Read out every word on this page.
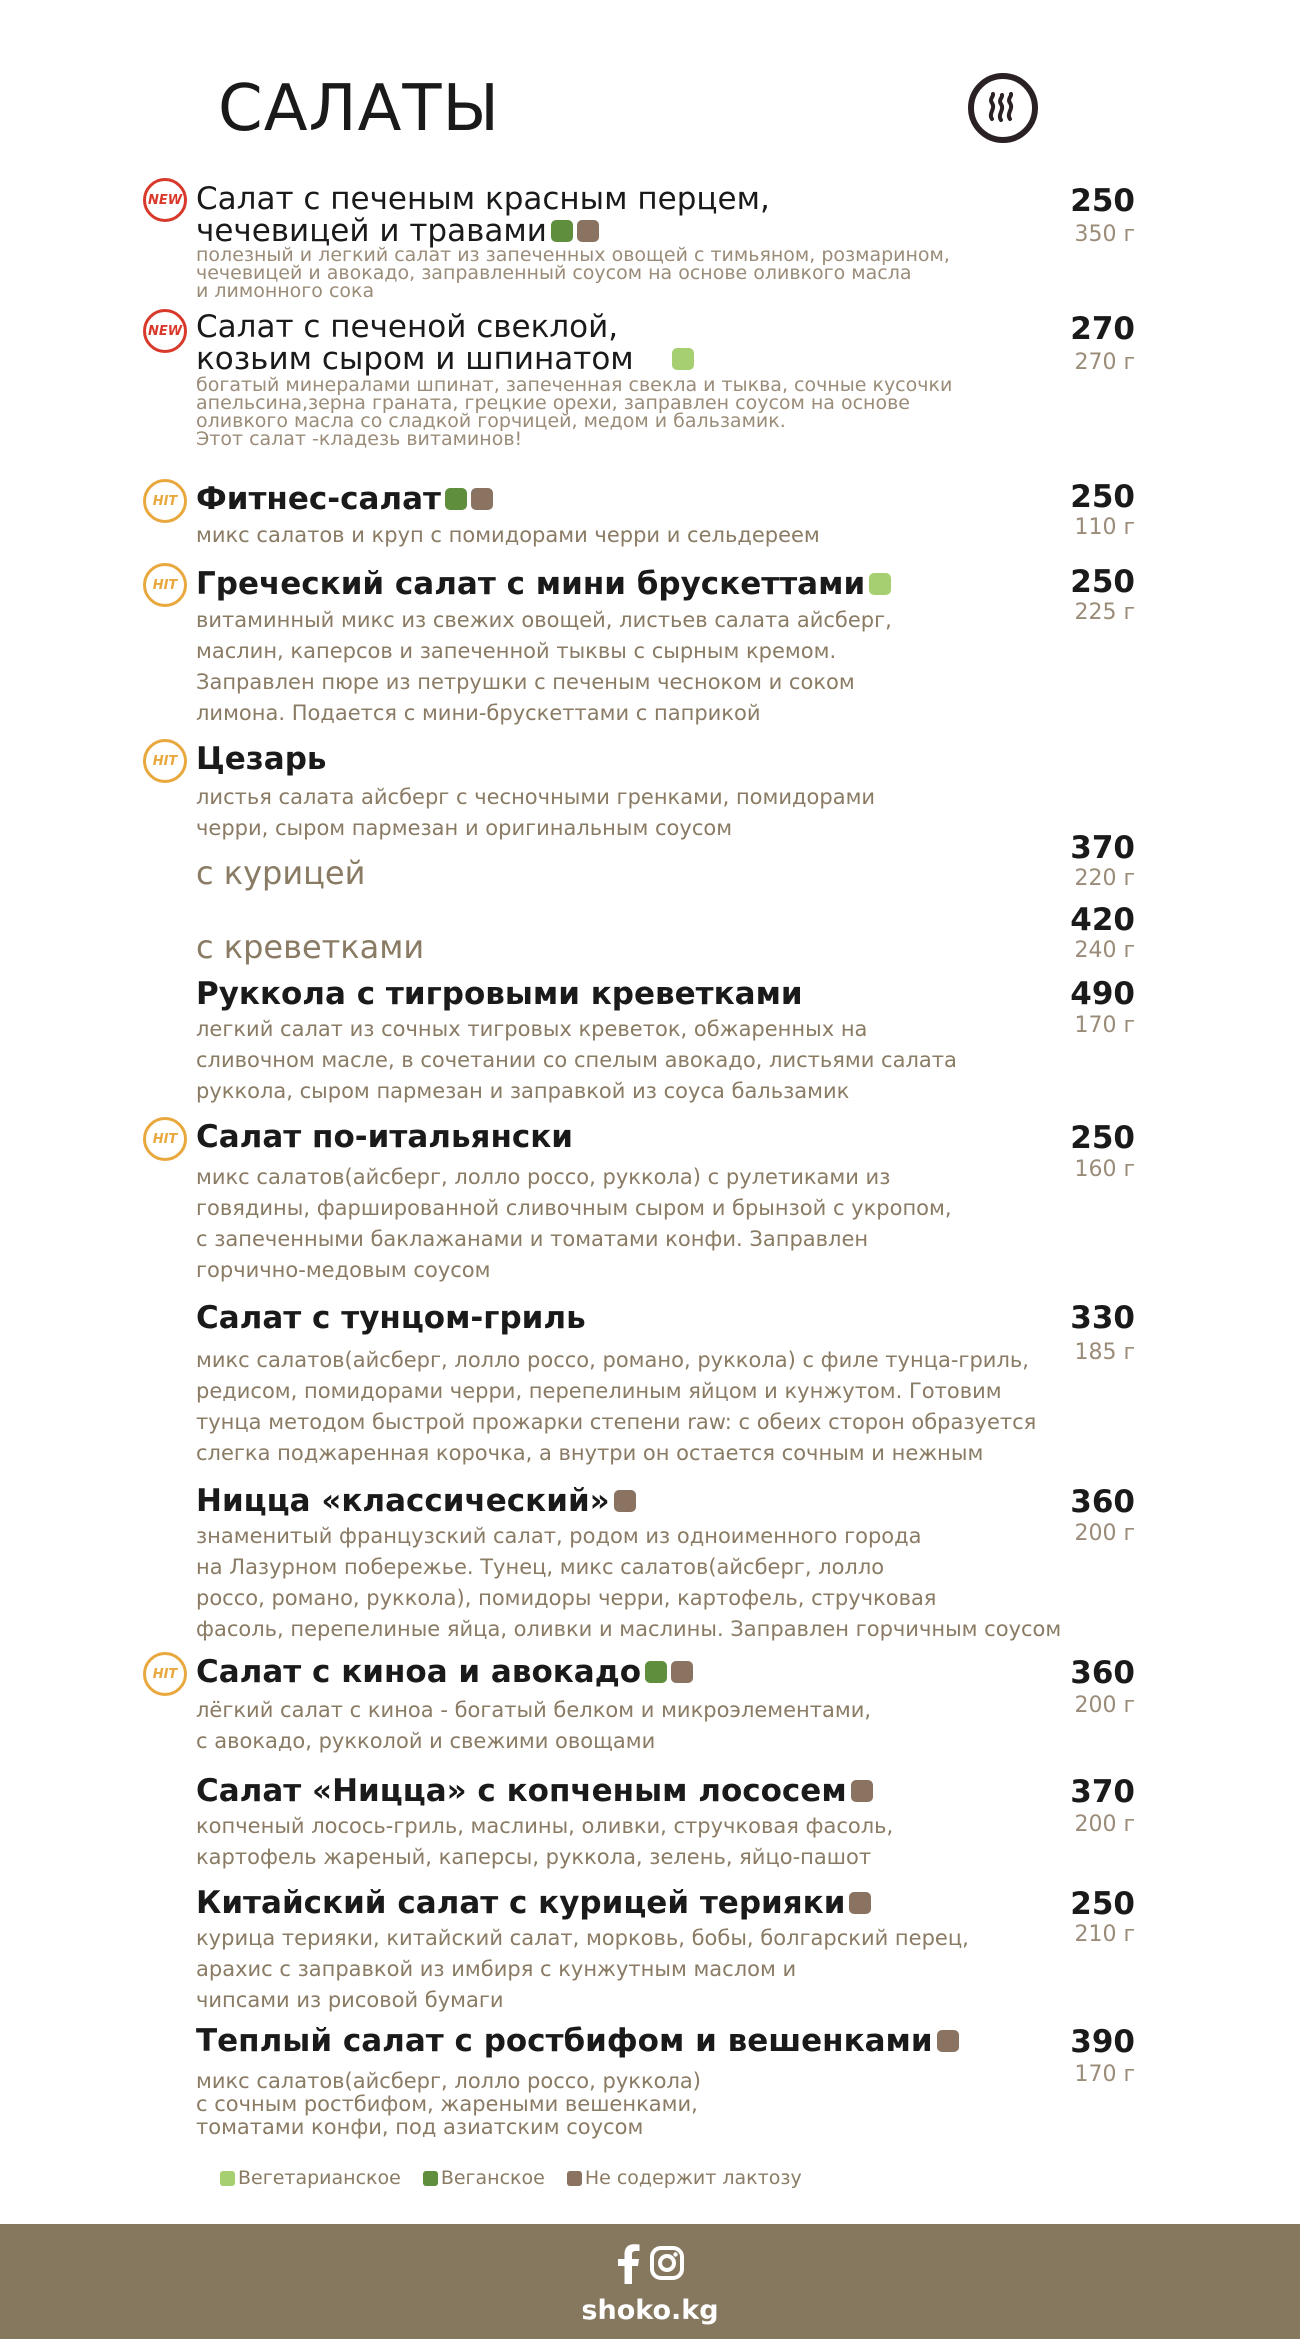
САЛАТЫ
NEW Салат с печеным красным перцем,
чечевицей и травами
полезный и легкий салат из запеченных овощей с тимьяном, розмарином,
чечевицей и авокадо, заправленный соусом на основе оливкого масла
и лимонного сока
250
350 г
NEW Салат с печеной свеклой,
козьим сыром и шпинатом
богатый минералами шпинат, запеченная свекла и тыква, сочные кусочки
апельсина,зерна граната, грецкие орехи, заправлен соусом на основе
оливкого масла со сладкой горчицей, медом и бальзамик.
Этот салат -кладезь витаминов!
270
270 г
HIT Фитнес-салат
микс салатов и круп с помидорами черри и сельдереем
250
110 г
HIT Греческий салат с мини брускеттами
витаминный микс из свежих овощей, листьев салата айсберг,
маслин, каперсов и запеченной тыквы с сырным кремом.
Заправлен пюре из петрушки с печеным чесноком и соком
лимона. Подается с мини-брускеттами с паприкой
250
225 г
HIT Цезарь
листья салата айсберг с чесночными гренками, помидорами
черри, сыром пармезан и оригинальным соусом
с курицей
370
220 г
с креветками
420
240 г
Руккола с тигровыми креветками
легкий салат из сочных тигровых креветок, обжаренных на
сливочном масле, в сочетании со спелым авокадо, листьями салата
руккола, сыром пармезан и заправкой из соуса бальзамик
490
170 г
HIT Салат по-итальянски
микс салатов(айсберг, лолло россо, руккола) с рулетиками из
говядины, фаршированной сливочным сыром и брынзой с укропом,
с запеченными баклажанами и томатами конфи. Заправлен
горчично-медовым соусом
250
160 г
Салат с тунцом-гриль
микс салатов(айсберг, лолло россо, романо, руккола) с филе тунца-гриль,
редисом, помидорами черри, перепелиным яйцом и кунжутом. Готовим
тунца методом быстрой прожарки степени raw: с обеих сторон образуется
слегка поджаренная корочка, а внутри он остается сочным и нежным
330
185 г
Ницца «классический»
знаменитый французский салат, родом из одноименного города
на Лазурном побережье. Тунец, микс салатов(айсберг, лолло
россо, романо, руккола), помидоры черри, картофель, стручковая
фасоль, перепелиные яйца, оливки и маслины. Заправлен горчичным соусом
360
200 г
HIT Салат с киноа и авокадо
лёгкий салат с киноа - богатый белком и микроэлементами,
с авокадо, рукколой и свежими овощами
360
200 г
Салат «Ницца» с копченым лососем
копченый лосось-гриль, маслины, оливки, стручковая фасоль,
картофель жареный, каперсы, руккола, зелень, яйцо-пашот
370
200 г
Китайский салат с курицей терияки
курица терияки, китайский салат, морковь, бобы, болгарский перец,
арахис с заправкой из имбиря с кунжутным маслом и
чипсами из рисовой бумаги
250
210 г
Теплый салат с ростбифом и вешенками
микс салатов(айсберг, лолло россо, руккола)
с сочным ростбифом, жареными вешенками,
томатами конфи, под азиатским соусом
390
170 г
Вегетарианское Веганское Не содержит лактозу
shoko.kg
